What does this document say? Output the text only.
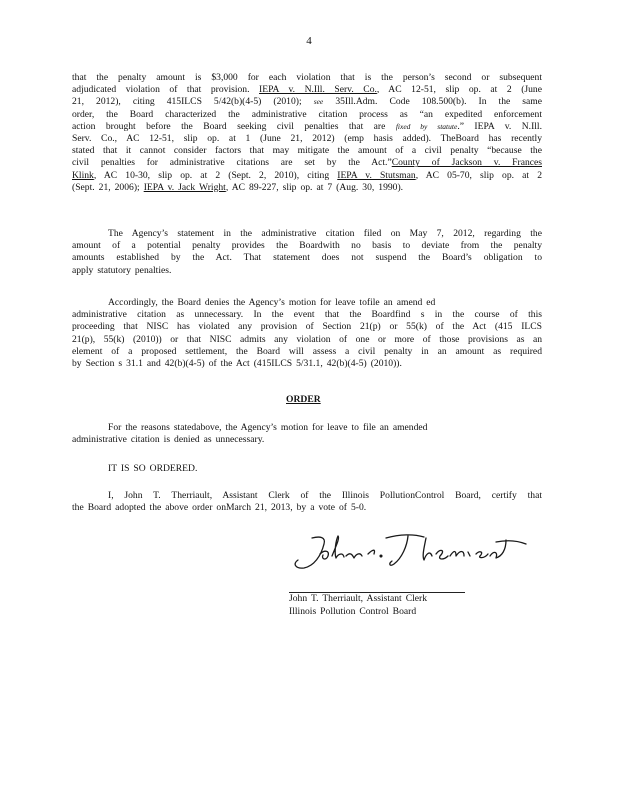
4
that the penalty amount is $3,000 for each violation that is the person’s second or subsequent
adjudicated violation of that provision. IEPA v. N.Ill. Serv. Co., AC 12-51, slip op. at 2 (June
21, 2012), citing 415ILCS 5/42(b)(4-5) (2010); see 35Ill.Adm. Code 108.500(b). In the same
order, the Board characterized the administrative citation process as “an expedited enforcement
action brought before the Board seeking civil penalties that are fixed by statute.” IEPA v. N.Ill.
Serv. Co., AC 12-51, slip op. at 1 (June 21, 2012) (emp hasis added). TheBoard has recently
stated that it cannot consider factors that may mitigate the amount of a civil penalty “because the
civil penalties for administrative citations are set by the Act.”County of Jackson v. Frances
Klink, AC 10-30, slip op. at 2 (Sept. 2, 2010), citing IEPA v. Stutsman, AC 05-70, slip op. at 2
(Sept. 21, 2006); IEPA v. Jack Wright, AC 89-227, slip op. at 7 (Aug. 30, 1990).
The Agency’s statement in the administrative citation filed on May 7, 2012, regarding the
amount of a potential penalty provides the Boardwith no basis to deviate from the penalty
amounts established by the Act. That statement does not suspend the Board’s obligation to
apply statutory penalties.
Accordingly, the Board denies the Agency’s motion for leave tofile an amend ed
administrative citation as unnecessary. In the event that the Boardfind s in the course of this
proceeding that NISC has violated any provision of Section 21(p) or 55(k) of the Act (415 ILCS
21(p), 55(k) (2010)) or that NISC admits any violation of one or more of those provisions as an
element of a proposed settlement, the Board will assess a civil penalty in an amount as required
by Section s 31.1 and 42(b)(4-5) of the Act (415ILCS 5/31.1, 42(b)(4-5) (2010)).
ORDER
For the reasons statedabove, the Agency’s motion for leave to file an amended
administrative citation is denied as unnecessary.
IT IS SO ORDERED.
I, John T. Therriault, Assistant Clerk of the Illinois PollutionControl Board, certify that
the Board adopted the above order onMarch 21, 2013, by a vote of 5-0.
John T. Therriault, Assistant Clerk
Illinois Pollution Control Board
